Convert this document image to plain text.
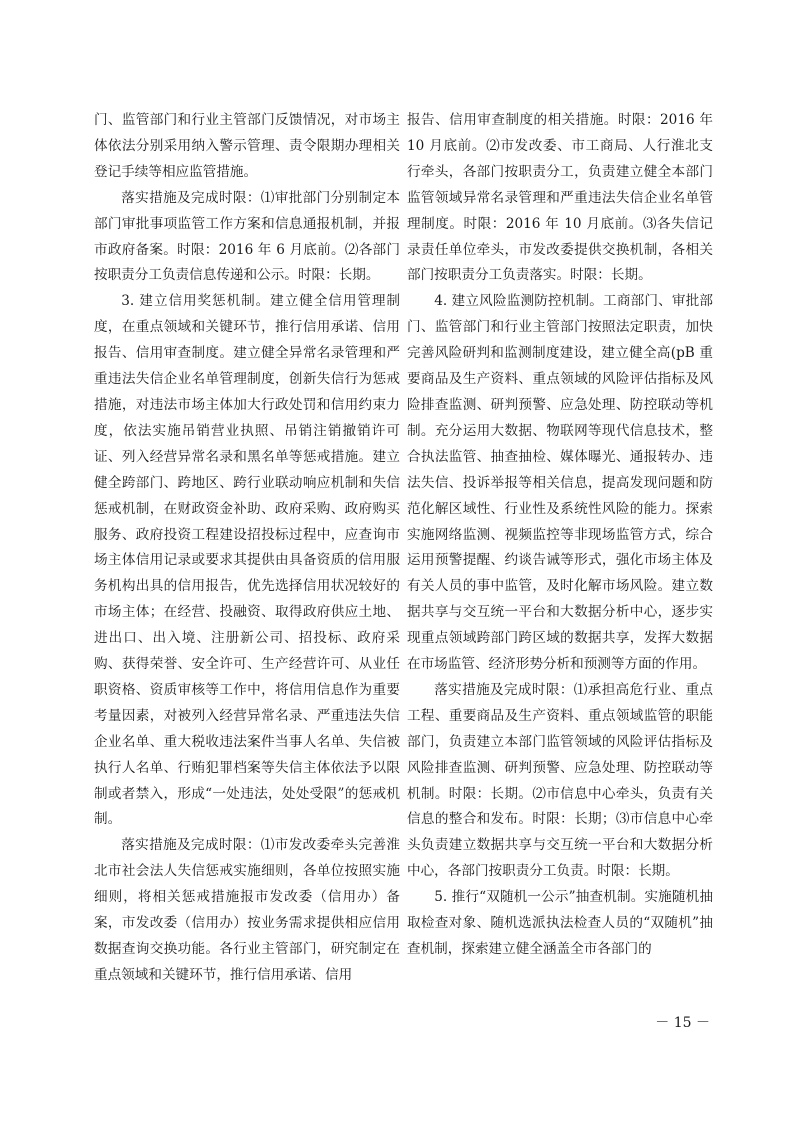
门、监管部门和行业主管部门反馈情况，对市场主体依法分别采用纳入警示管理、责令限期办理相关登记手续等相应监管措施。

落实措施及完成时限：⑴审批部门分别制定本部门审批事项监管工作方案和信息通报机制，并报市政府备案。时限：2016 年 6 月底前。⑵各部门按职责分工负责信息传递和公示。时限：长期。

3. 建立信用奖惩机制。建立健全信用管理制度，在重点领域和关键环节，推行信用承诺、信用报告、信用审查制度。建立健全异常名录管理和严重违法失信企业名单管理制度，创新失信行为惩戒措施，对违法市场主体加大行政处罚和信用约束力度，依法实施吊销营业执照、吊销注销撤销许可证、列入经营异常名录和黑名单等惩戒措施。建立健全跨部门、跨地区、跨行业联动响应机制和失信惩戒机制，在财政资金补助、政府采购、政府购买服务、政府投资工程建设招投标过程中，应查询市场主体信用记录或要求其提供由具备资质的信用服务机构出具的信用报告，优先选择信用状况较好的市场主体；在经营、投融资、取得政府供应土地、进出口、出入境、注册新公司、招投标、政府采购、获得荣誉、安全许可、生产经营许可、从业任职资格、资质审核等工作中，将信用信息作为重要考量因素，对被列入经营异常名录、严重违法失信企业名单、重大税收违法案件当事人名单、失信被执行人名单、行贿犯罪档案等失信主体依法予以限制或者禁入，形成“一处违法，处处受限”的惩戒机制。

落实措施及完成时限：⑴市发改委牵头完善淮北市社会法人失信惩戒实施细则，各单位按照实施细则，将相关惩戒措施报市发改委（信用办）备案，市发改委（信用办）按业务需求提供相应信用数据查询交换功能。各行业主管部门，研究制定在重点领域和关键环节，推行信用承诺、信用

报告、信用审查制度的相关措施。时限：2016 年 10 月底前。⑵市发改委、市工商局、人行淮北支行牵头，各部门按职责分工，负责建立健全本部门监管领域异常名录管理和严重违法失信企业名单管理制度。时限：2016 年 10 月底前。⑶各失信记录责任单位牵头，市发改委提供交换机制，各相关部门按职责分工负责落实。时限：长期。

4. 建立风险监测防控机制。工商部门、审批部门、监管部门和行业主管部门按照法定职责，加快完善风险研判和监测制度建设，建立健全高(pB 重要商品及生产资料、重点领域的风险评估指标及风险排查监测、研判预警、应急处理、防控联动等机制。充分运用大数据、物联网等现代信息技术，整合执法监管、抽查抽检、媒体曝光、通报转办、违法失信、投诉举报等相关信息，提高发现问题和防范化解区域性、行业性及系统性风险的能力。探索实施网络监测、视频监控等非现场监管方式，综合运用预警提醒、约谈告诫等形式，强化市场主体及有关人员的事中监管，及时化解市场风险。建立数据共享与交互统一平台和大数据分析中心，逐步实现重点领域跨部门跨区域的数据共享，发挥大数据在市场监管、经济形势分析和预测等方面的作用。

落实措施及完成时限：⑴承担高危行业、重点工程、重要商品及生产资料、重点领域监管的职能部门，负责建立本部门监管领域的风险评估指标及风险排查监测、研判预警、应急处理、防控联动等机制。时限：长期。⑵市信息中心牵头，负责有关信息的整合和发布。时限：长期；⑶市信息中心牵头负责建立数据共享与交互统一平台和大数据分析中心，各部门按职责分工负责。时限：长期。

5. 推行“双随机一公示”抽查机制。实施随机抽取检查对象、随机选派执法检查人员的“双随机”抽查机制，探索建立健全涵盖全市各部门的

－ 15 －
